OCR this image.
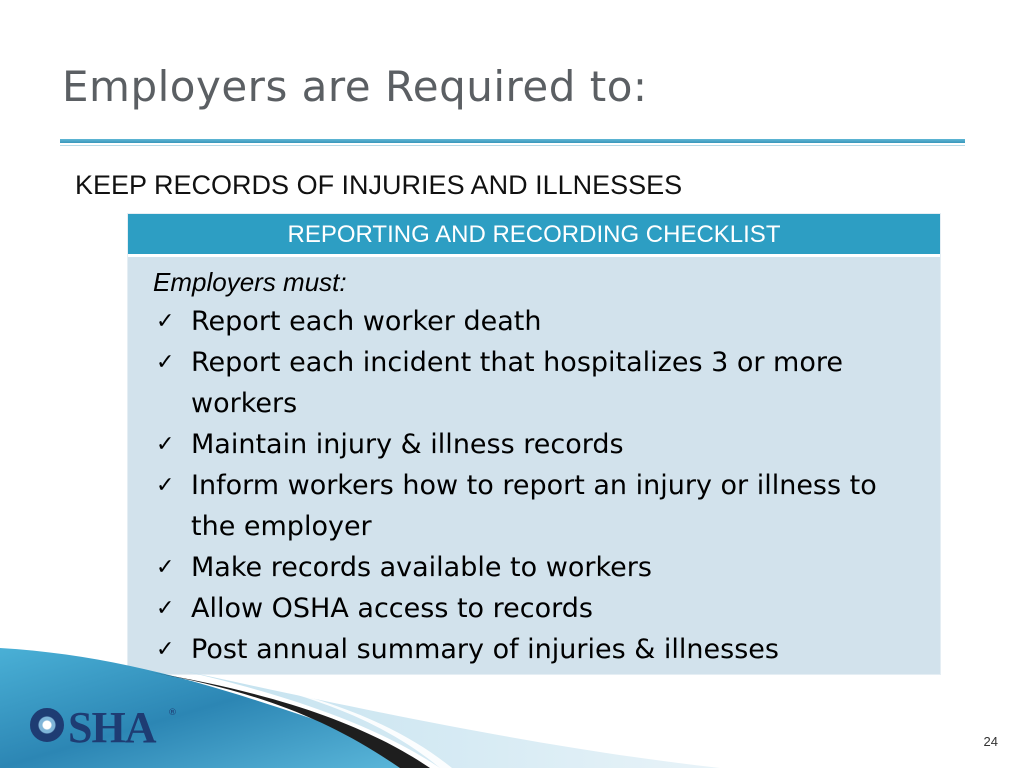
Employers are Required to:

KEEP RECORDS OF INJURIES AND ILLNESSES

REPORTING AND RECORDING CHECKLIST
Employers must:
✓ Report each worker death
✓ Report each incident that hospitalizes 3 or more workers
✓ Maintain injury & illness records
✓ Inform workers how to report an injury or illness to the employer
✓ Make records available to workers
✓ Allow OSHA access to records
✓ Post annual summary of injuries & illnesses
SHA ®
24
